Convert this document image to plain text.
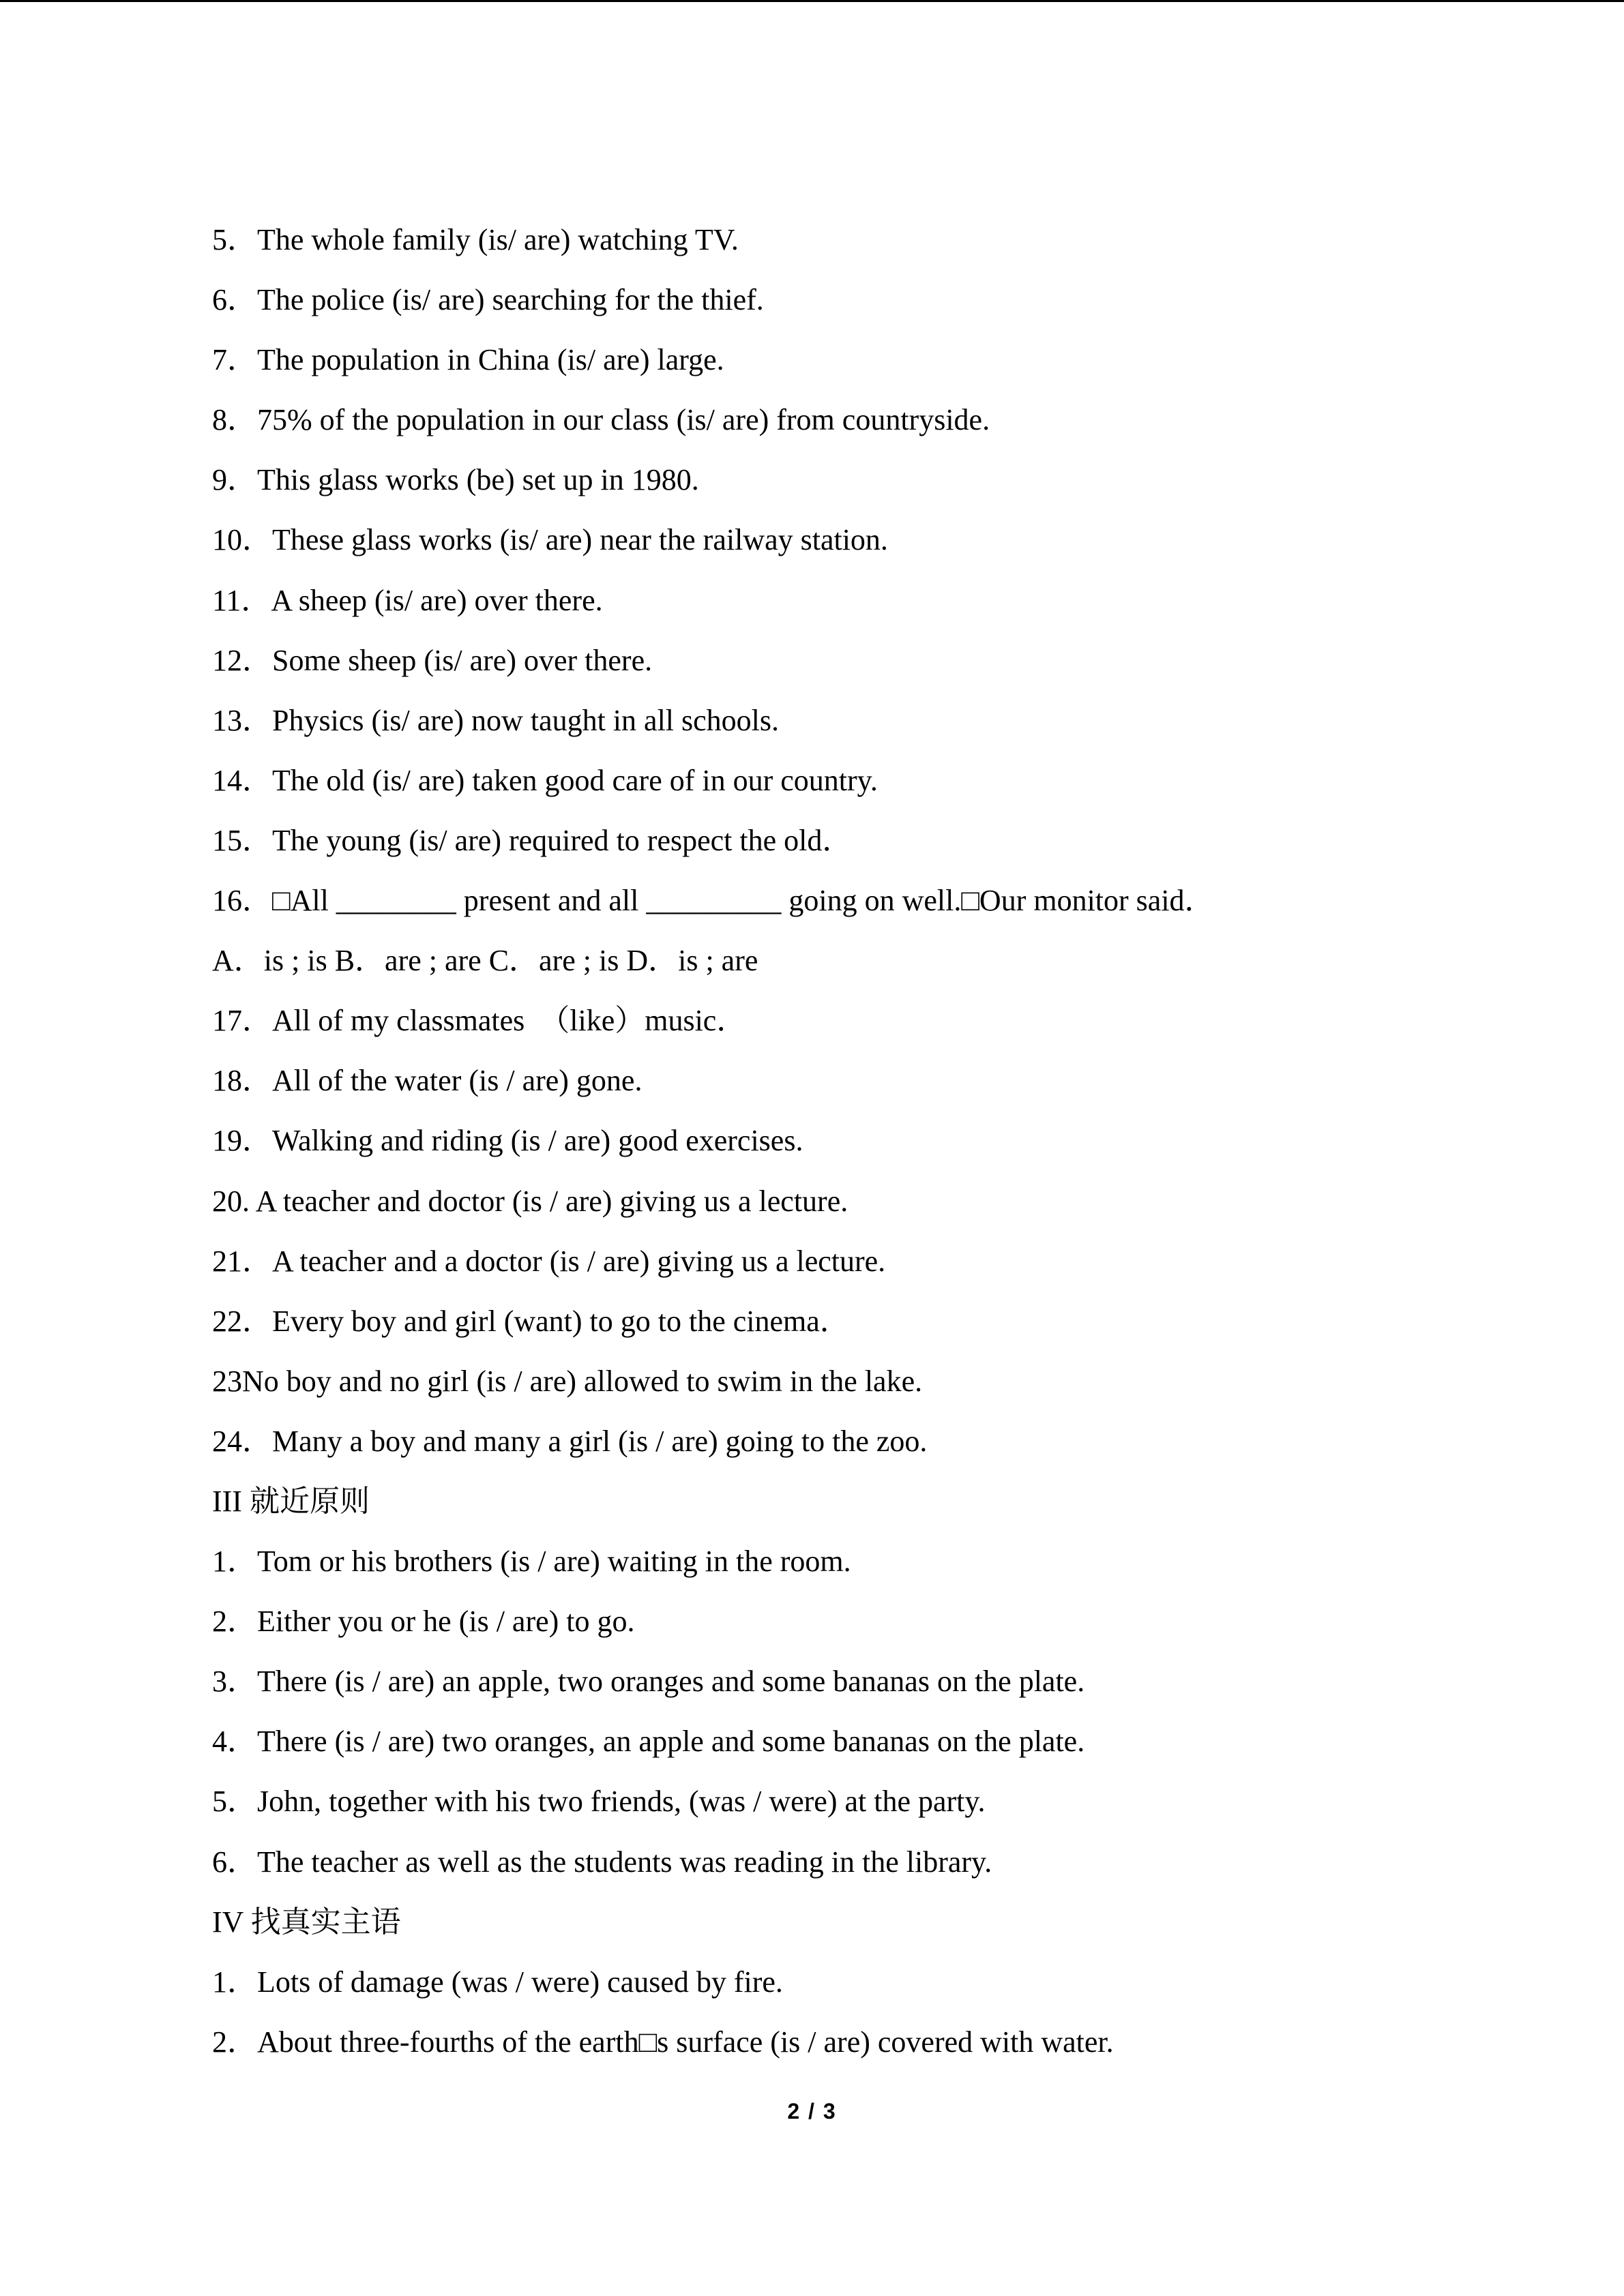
5．The whole family (is/ are) watching TV.
6．The police (is/ are) searching for the thief.
7．The population in China (is/ are) large.
8．75% of the population in our class (is/ are) from countryside.
9．This glass works (be) set up in 1980.
10．These glass works (is/ are) near the railway station.
11．A sheep (is/ are) over there.
12．Some sheep (is/ are) over there.
13．Physics (is/ are) now taught in all schools.
14．The old (is/ are) taken good care of in our country.
15．The young (is/ are) required to respect the old．
16．□All ________ present and all _________ going on well.□Our monitor said．
A．is ; is B．are ; are C．are ; is D．is ; are
17．All of my classmates  （like）music．
18．All of the water (is / are) gone.
19．Walking and riding (is / are) good exercises.
20. A teacher and doctor (is / are) giving us a lecture.
21．A teacher and a doctor (is / are) giving us a lecture.
22．Every boy and girl (want) to go to the cinema．
23No boy and no girl (is / are) allowed to swim in the lake.
24．Many a boy and many a girl (is / are) going to the zoo.
III 就近原则
1．Tom or his brothers (is / are) waiting in the room.
2．Either you or he (is / are) to go.
3．There (is / are) an apple, two oranges and some bananas on the plate.
4．There (is / are) two oranges, an apple and some bananas on the plate.
5．John, together with his two friends, (was / were) at the party.
6．The teacher as well as the students was reading in the library.
IV 找真实主语
1．Lots of damage (was / were) caused by fire.
2．About three-fourths of the earth□s surface (is / are) covered with water.
2 / 3
